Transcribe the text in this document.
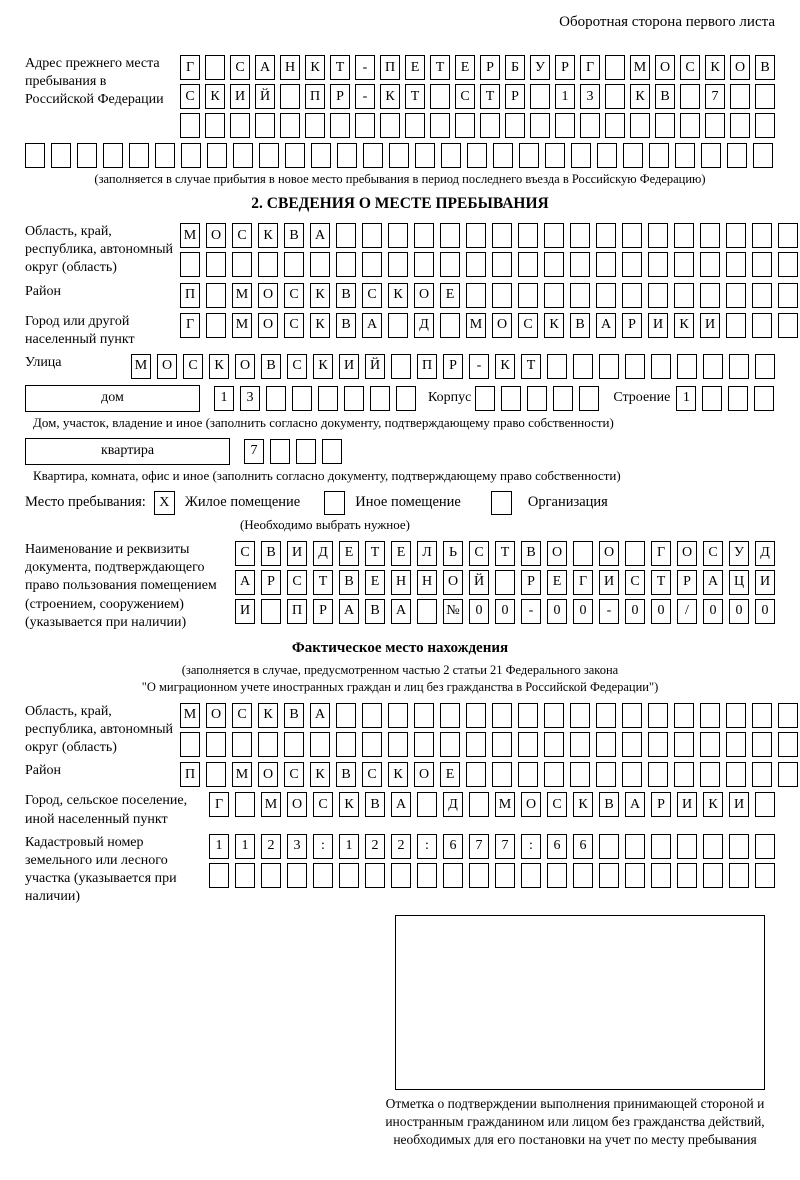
Оборотная сторона первого листа
Адрес прежнего места пребывания в Российской Федерации
Г	С	А	Н	К	Т	-	П	Е	Т	Е	Р	Б	У	Р	Г	М О	С	К	О	В
С	К	И	Й	П	Р	-	К	Т	С	Т	Р	1	3	К	В	7
(заполняется в случае прибытия в новое место пребывания в период последнего въезда в Российскую Федерацию)
2. СВЕДЕНИЯ О МЕСТЕ ПРЕБЫВАНИЯ
Область, край, республика, автономный округ (область)
М	О	С	К	В	А
Район	П	М	О	С	К	В	С	К	О	Е
Город или другой населенный пункт
Г	М	О	С	К	В	А	Д	М	О	С	К	В	А	Р	И	К	И
Улица	М	О	С	К	О	В	С	К	И	Й	П	Р	-	К	Т
дом	1	3	Корпус	Строение 1
Дом, участок, владение и иное (заполнить согласно документу, подтверждающему право собственности)
квартира	7
Квартира, комната, офис и иное (заполнить согласно документу, подтверждающему право собственности)
Место пребывания: X	Жилое помещение	Иное помещение	Организация
(Необходимо выбрать нужное)
Наименование и реквизиты документа, подтверждающего право пользования помещением (строением, сооружением) (указывается при наличии)
С	В	И	Д	Е	Т	Е	Л	Ь	С	Т	В	О	О	Г	О	С	У	Д
А	Р	С	Т	В	Е	Н	Н	О	Й	Р	Е	Г	И	С	Т	Р	А	Ц	И
И	П	Р	А	В	А	№	0	0	-	0	0	-	0	0	/	0	0	0
Фактическое место нахождения
(заполняется в случае, предусмотренном частью 2 статьи 21 Федерального закона
"О миграционном учете иностранных граждан и лиц без гражданства в Российской Федерации")
Область, край, республика, автономный округ (область)
М	О	С	К	В	А
Район	П	М	О	С	К	В	С	К	О	Е
Город, сельское поселение, иной населенный пункт
Г	М	О	С	К	В	А	Д	М	О	С	К	В	А	Р	И	К	И
Кадастровый номер земельного или лесного участка (указывается при наличии)
1	1	2	3	:	1	2	2	:	6	7	7	:	6	6
Отметка о подтверждении выполнения принимающей стороной и иностранным гражданином или лицом без гражданства действий, необходимых для его постановки на учет по месту пребывания
